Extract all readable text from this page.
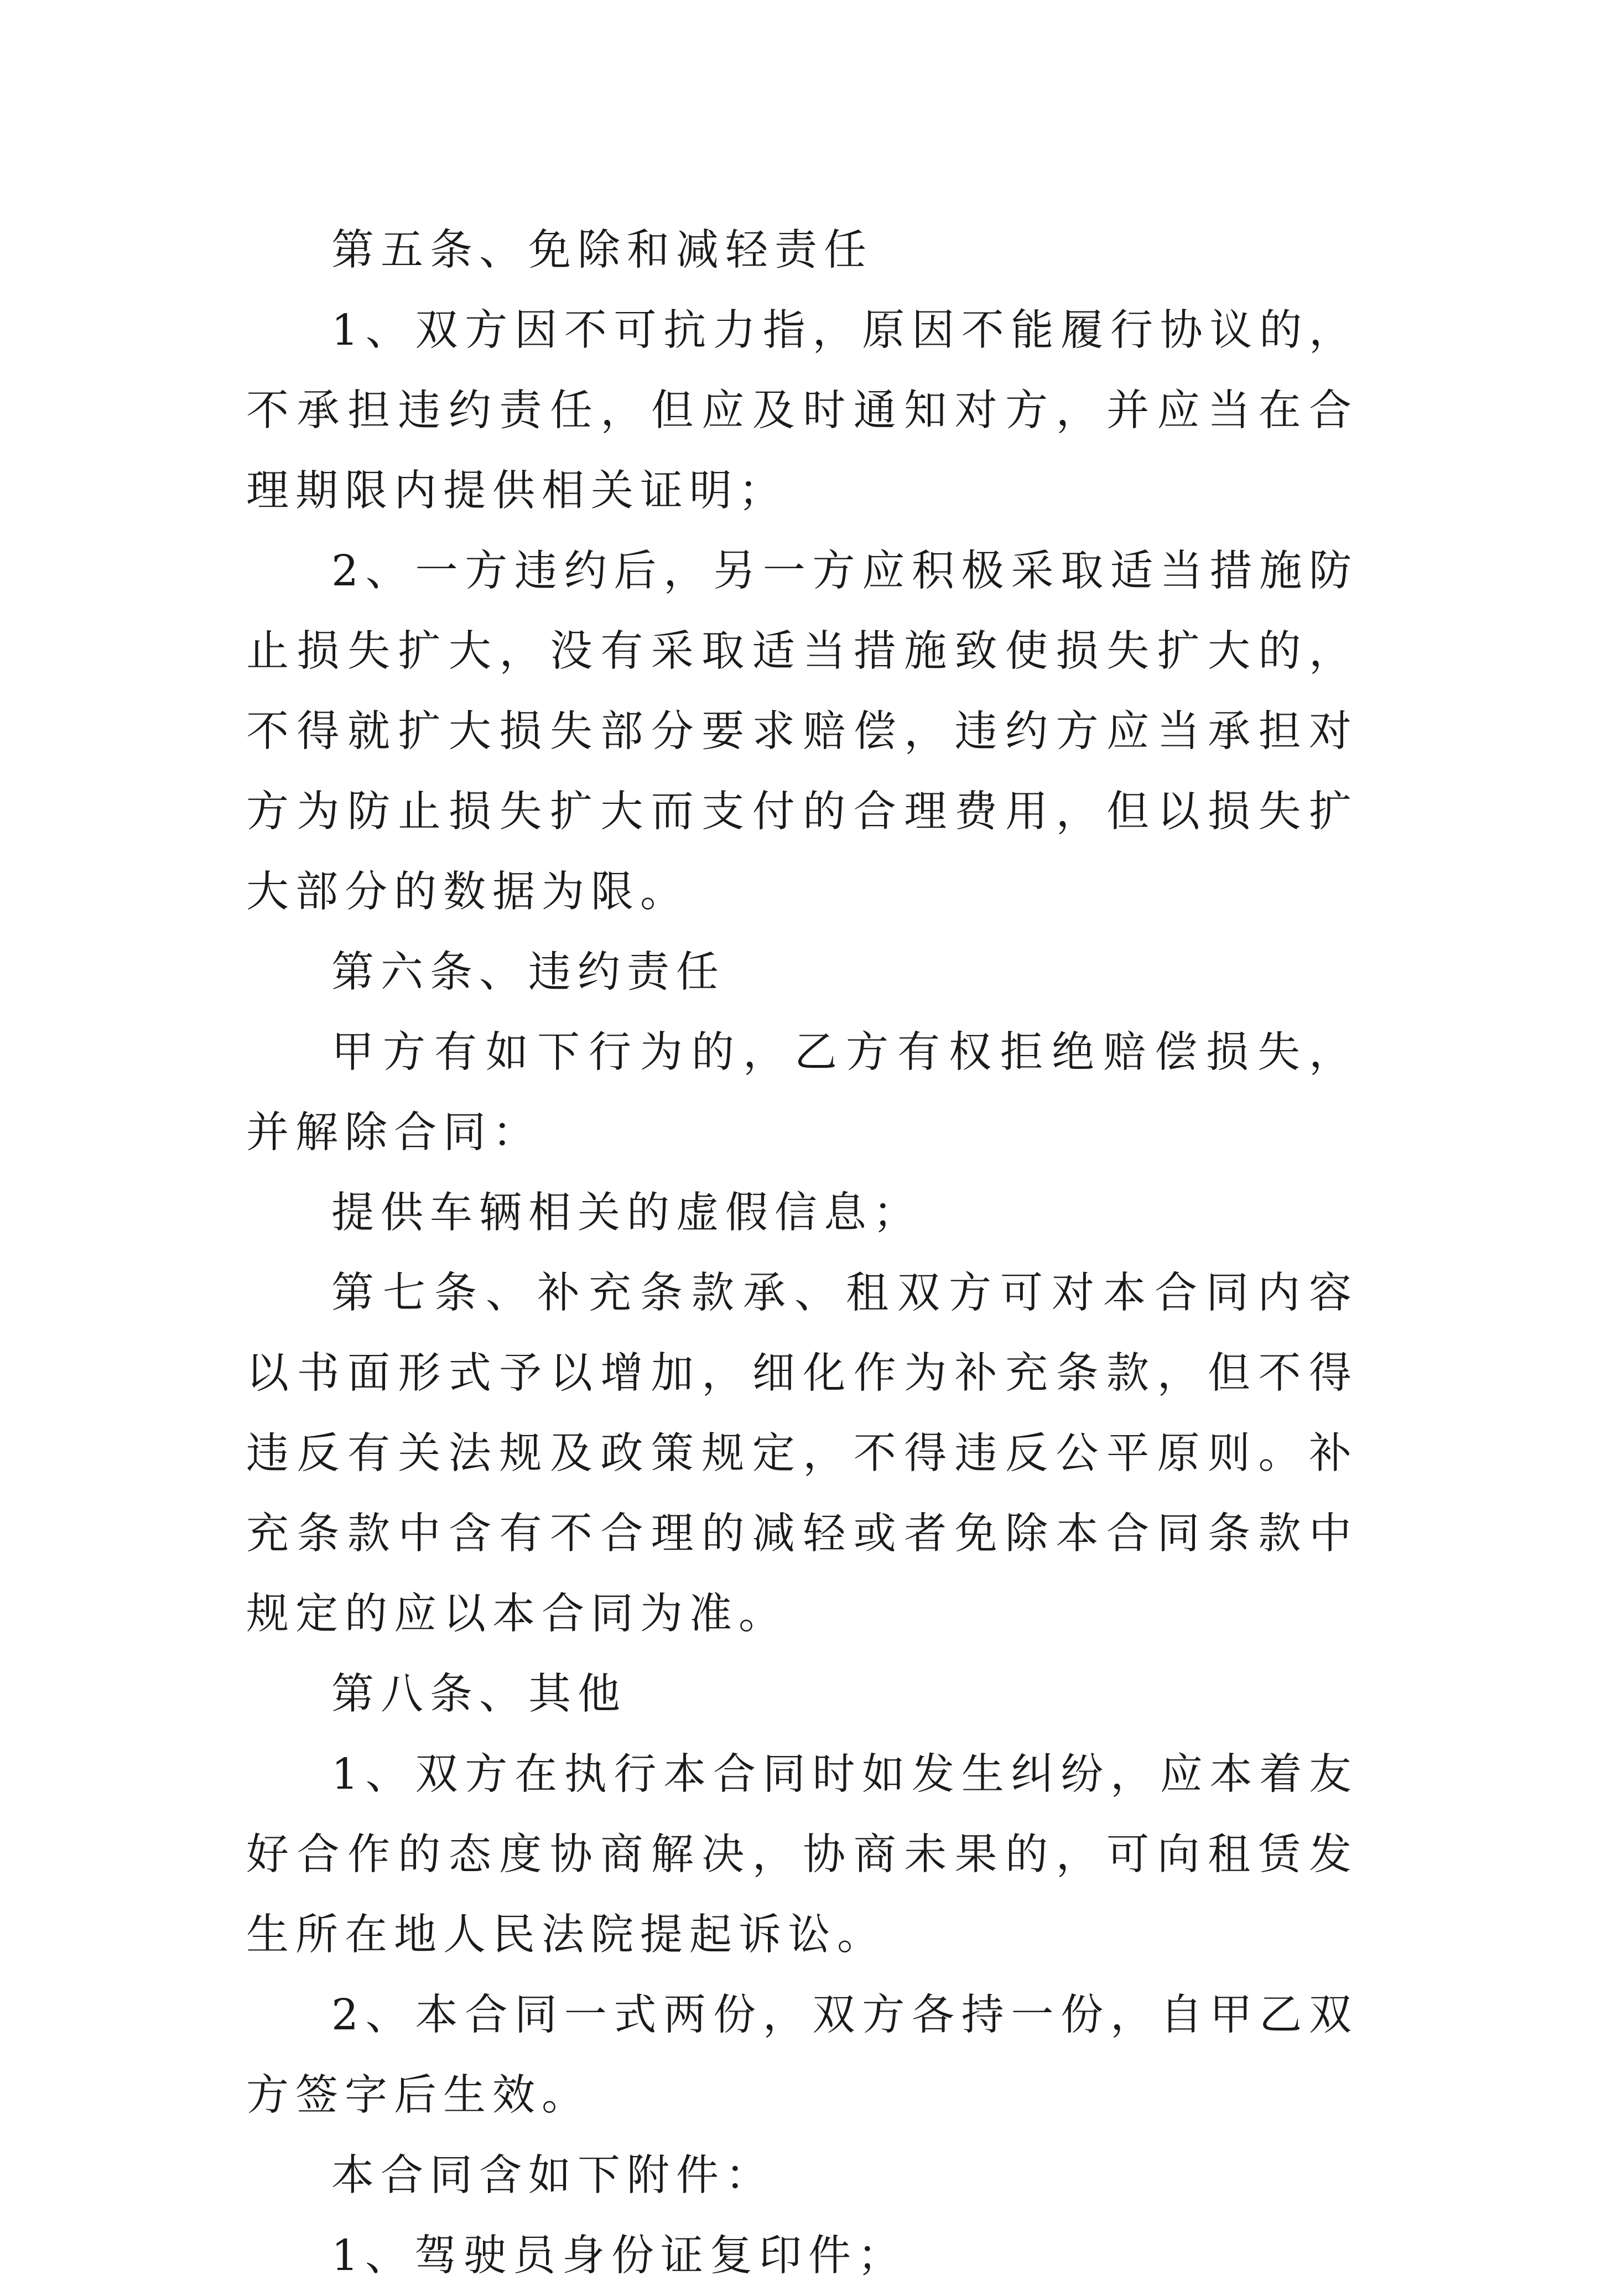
第五条、免除和减轻责任

1、双方因不可抗力指，原因不能履行协议的，不承担违约责任，但应及时通知对方，并应当在合理期限内提供相关证明；

2、一方违约后，另一方应积极采取适当措施防止损失扩大，没有采取适当措施致使损失扩大的，不得就扩大损失部分要求赔偿，违约方应当承担对方为防止损失扩大而支付的合理费用，但以损失扩大部分的数据为限。

第六条、违约责任

甲方有如下行为的，乙方有权拒绝赔偿损失，并解除合同：

提供车辆相关的虚假信息；

第七条、补充条款承、租双方可对本合同内容以书面形式予以增加，细化作为补充条款，但不得违反有关法规及政策规定，不得违反公平原则。补充条款中含有不合理的减轻或者免除本合同条款中规定的应以本合同为准。

第八条、其他

1、双方在执行本合同时如发生纠纷，应本着友好合作的态度协商解决，协商未果的，可向租赁发生所在地人民法院提起诉讼。

2、本合同一式两份，双方各持一份，自甲乙双方签字后生效。

本合同含如下附件：

1、驾驶员身份证复印件；
